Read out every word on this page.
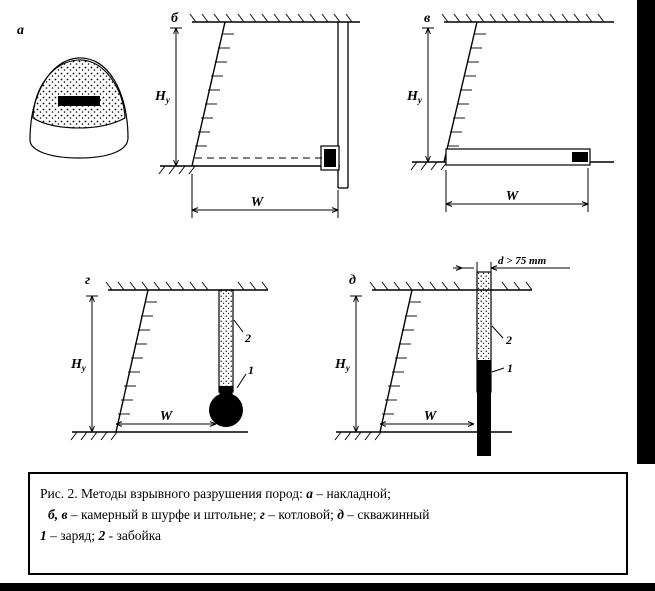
а
б
$H_у$
W
в
$H_у$
W
г
2
1
$H_у$
W
д
d > 75 mm
2
1
$H_у$
W
Рис. 2. Методы взрывного разрушения пород: а – накладной;
б, в – камерный в шурфе и штольне; г – котловой; д – скважинный
1 – заряд; 2 - забойка
